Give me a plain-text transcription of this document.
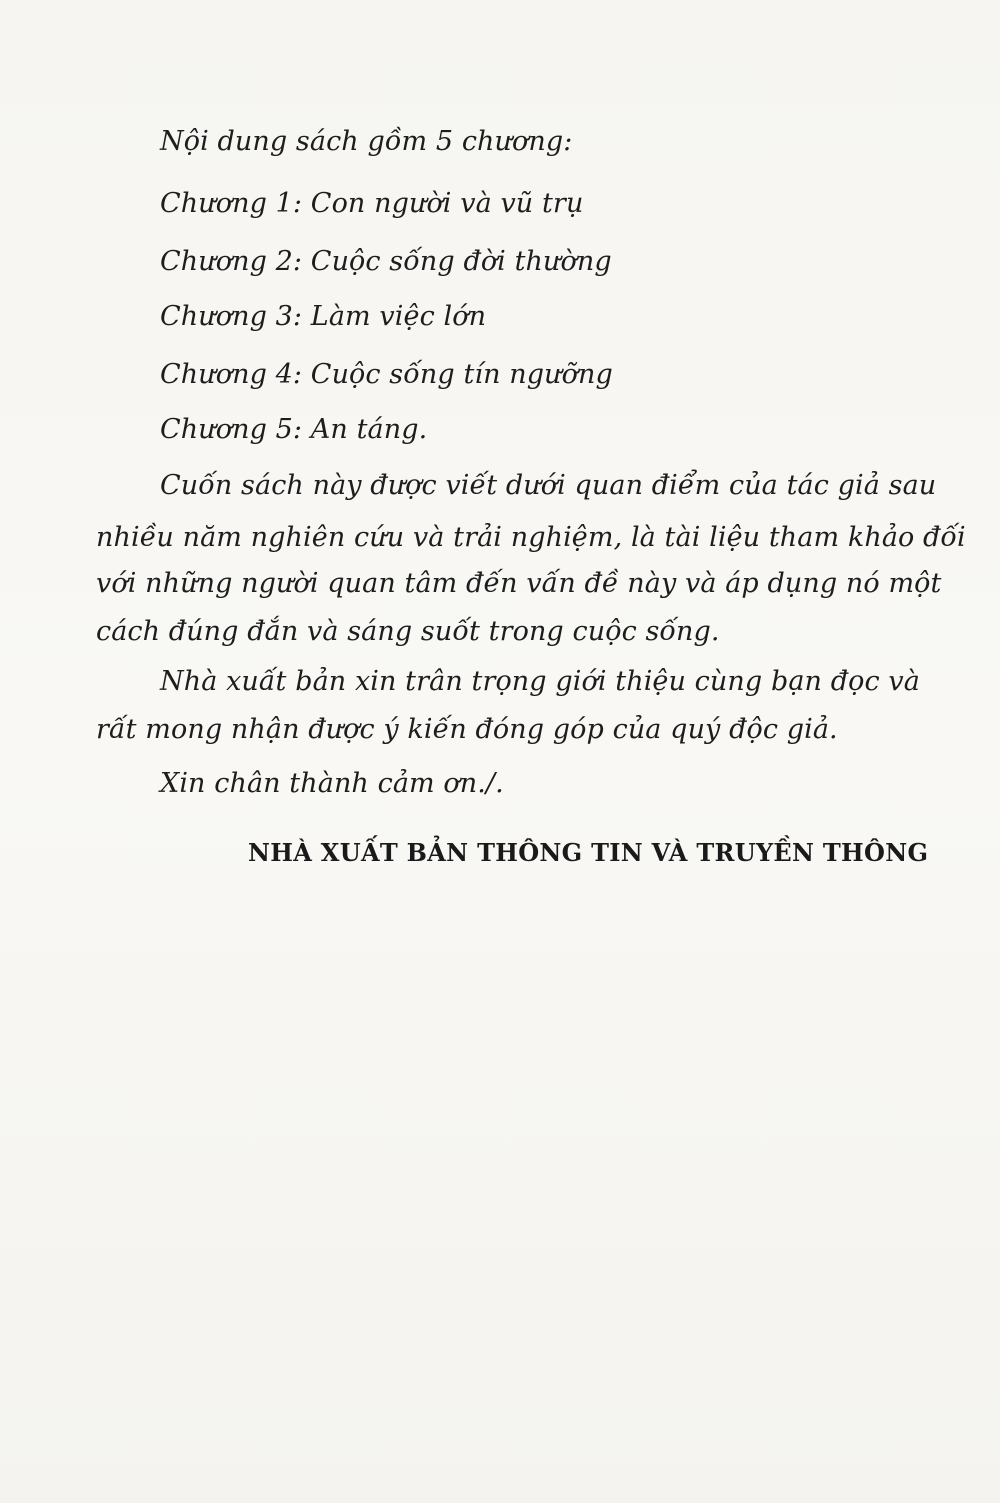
Nội dung sách gồm 5 chương:
Chương 1: Con người và vũ trụ
Chương 2: Cuộc sống đời thường
Chương 3: Làm việc lớn
Chương 4: Cuộc sống tín ngưỡng
Chương 5: An táng.
Cuốn sách này được viết dưới quan điểm của tác giả sau
nhiều năm nghiên cứu và trải nghiệm, là tài liệu tham khảo đối
với những người quan tâm đến vấn đề này và áp dụng nó một
cách đúng đắn và sáng suốt trong cuộc sống.
Nhà xuất bản xin trân trọng giới thiệu cùng bạn đọc và
rất mong nhận được ý kiến đóng góp của quý độc giả.
Xin chân thành cảm ơn./.
NHÀ XUẤT BẢN THÔNG TIN VÀ TRUYỀN THÔNG
